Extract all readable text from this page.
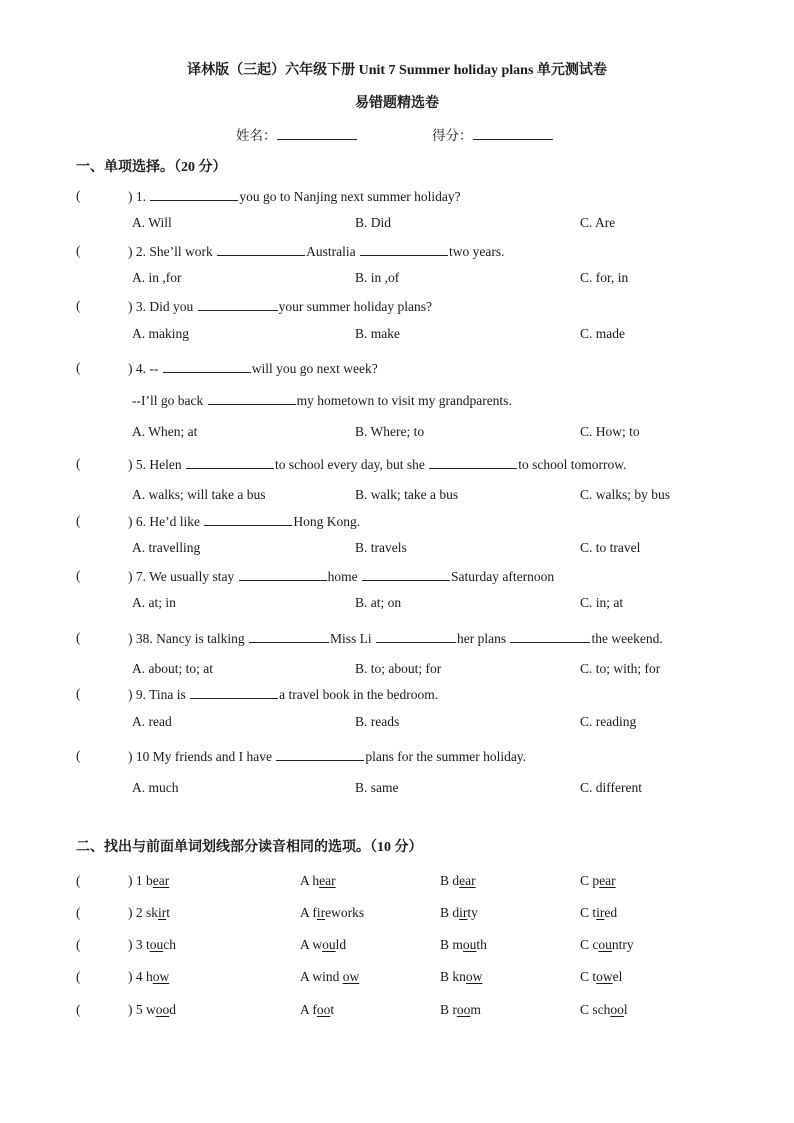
译林版（三起）六年级下册 Unit 7 Summer holiday plans 单元测试卷
易错题精选卷
姓名：	得分：
一、单项选择。（20 分）
(	) 1.	you go to Nanjing next summer holiday?
A. Will	B. Did	C. Are
(	) 2. She’ll work	Australia	two years.
A. in ,for	B. in ,of	C. for, in
(	) 3. Did you	your summer holiday plans?
A. making	B. make	C. made
(	) 4. --	will you go next week?
--I’ll go back	my hometown to visit my grandparents.
A. When; at	B. Where; to	C. How; to
(	) 5. Helen	to school every day, but she	to school tomorrow.
A. walks; will take a bus	B. walk; take a bus	C. walks; by bus
(	) 6. He’d like	Hong Kong.
A. travelling	B. travels	C. to travel
(	) 7. We usually stay	home	Saturday afternoon
A. at; in	B. at; on	C. in; at
(	) 38. Nancy is talking	Miss Li	her plans	the weekend.
A. about; to; at	B. to; about; for	C. to; with; for
(	) 9. Tina is	a travel book in the bedroom.
A. read	B. reads	C. reading
(	) 10 My friends and I have	plans for the summer holiday.
A. much	B. same	C. different
二、找出与前面单词划线部分读音相同的选项。（10 分）
(	) 1 bear	A hear	B dear	C pear
(	) 2 skirt	A fireworks	B dirty	C tired
(	) 3 touch	A would	B mouth	C country
(	) 4 how	A wind ow	B know	C towel
(	) 5 wood	A foot	B room	C school
